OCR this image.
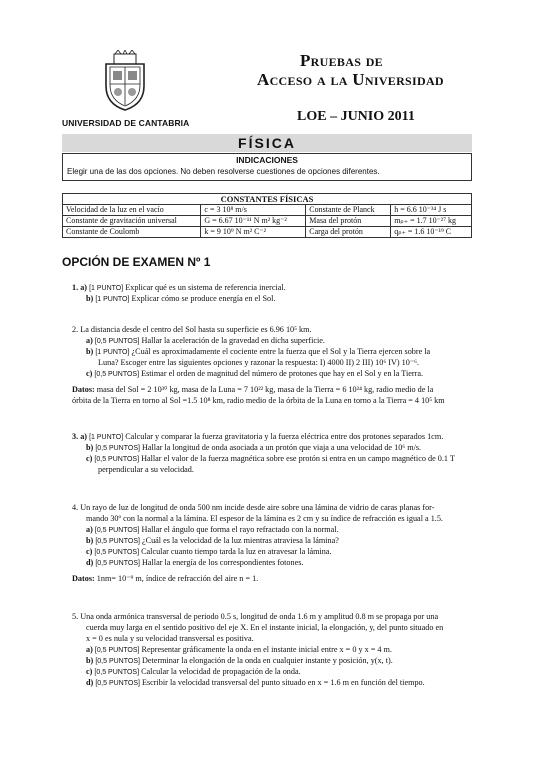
UNIVERSIDAD DE CANTABRIA
Pruebas de
Acceso a la Universidad
LOE – JUNIO 2011
FÍSICA
INDICACIONES
Elegir una de las dos opciones. No deben resolverse cuestiones de opciones diferentes.
CONSTANTES FÍSICAS			
Velocidad de la luz en el vacío	c = 3 10⁸ m/s	Constante de Planck	h = 6.6 10⁻³⁴ J s
Constante de gravitación universal	G = 6.67 10⁻¹¹ N m² kg⁻²	Masa del protón	mₚ₊ = 1.7 10⁻²⁷ kg
Constante de Coulomb	k = 9 10⁹ N m² C⁻²	Carga del protón	qₚ₊ = 1.6 10⁻¹⁹ C
OPCIÓN DE EXAMEN Nº 1
1. a) [1 PUNTO] Explicar qué es un sistema de referencia inercial.
b) [1 PUNTO] Explicar cómo se produce energía en el Sol.
2. La distancia desde el centro del Sol hasta su superficie es 6.96 10⁵ km.
a) [0,5 PUNTOS] Hallar la aceleración de la gravedad en dicha superficie.
b) [1 PUNTO] ¿Cuál es aproximadamente el cociente entre la fuerza que el Sol y la Tierra ejercen sobre la
Luna? Escoger entre las siguientes opciones y razonar la respuesta: I) 4000 II) 2 III) 10⁶ IV) 10⁻⁶.
c) [0,5 PUNTOS] Estimar el orden de magnitud del número de protones que hay en el Sol y en la Tierra.
Datos: masa del Sol = 2 10³⁰ kg, masa de la Luna = 7 10²² kg, masa de la Tierra = 6 10²⁴ kg, radio medio de la
órbita de la Tierra en torno al Sol =1.5 10⁸ km, radio medio de la órbita de la Luna en torno a la Tierra = 4 10⁵ km
3. a) [1 PUNTO] Calcular y comparar la fuerza gravitatoria y la fuerza eléctrica entre dos protones separados 1cm.
b) [0,5 PUNTOS] Hallar la longitud de onda asociada a un protón que viaja a una velocidad de 10⁶ m/s.
c) [0,5 PUNTOS] Hallar el valor de la fuerza magnética sobre ese protón si entra en un campo magnético de 0.1 T
perpendicular a su velocidad.
4. Un rayo de luz de longitud de onda 500 nm incide desde aire sobre una lámina de vidrio de caras planas for-
mando 30º con la normal a la lámina. El espesor de la lámina es 2 cm y su índice de refracción es igual a 1.5.
a) [0,5 PUNTOS] Hallar el ángulo que forma el rayo refractado con la normal.
b) [0,5 PUNTOS] ¿Cuál es la velocidad de la luz mientras atraviesa la lámina?
c) [0,5 PUNTOS] Calcular cuanto tiempo tarda la luz en atravesar la lámina.
d) [0,5 PUNTOS] Hallar la energía de los correspondientes fotones.
Datos: 1nm= 10⁻⁹ m, índice de refracción del aire n = 1.
5. Una onda armónica transversal de periodo 0.5 s, longitud de onda 1.6 m y amplitud 0.8 m se propaga por una
cuerda muy larga en el sentido positivo del eje X. En el instante inicial, la elongación, y, del punto situado en
x = 0 es nula y su velocidad transversal es positiva.
a) [0,5 PUNTOS] Representar gráficamente la onda en el instante inicial entre x = 0 y x = 4 m.
b) [0,5 PUNTOS] Determinar la elongación de la onda en cualquier instante y posición, y(x, t).
c) [0,5 PUNTOS] Calcular la velocidad de propagación de la onda.
d) [0,5 PUNTOS] Escribir la velocidad transversal del punto situado en x = 1.6 m en función del tiempo.
